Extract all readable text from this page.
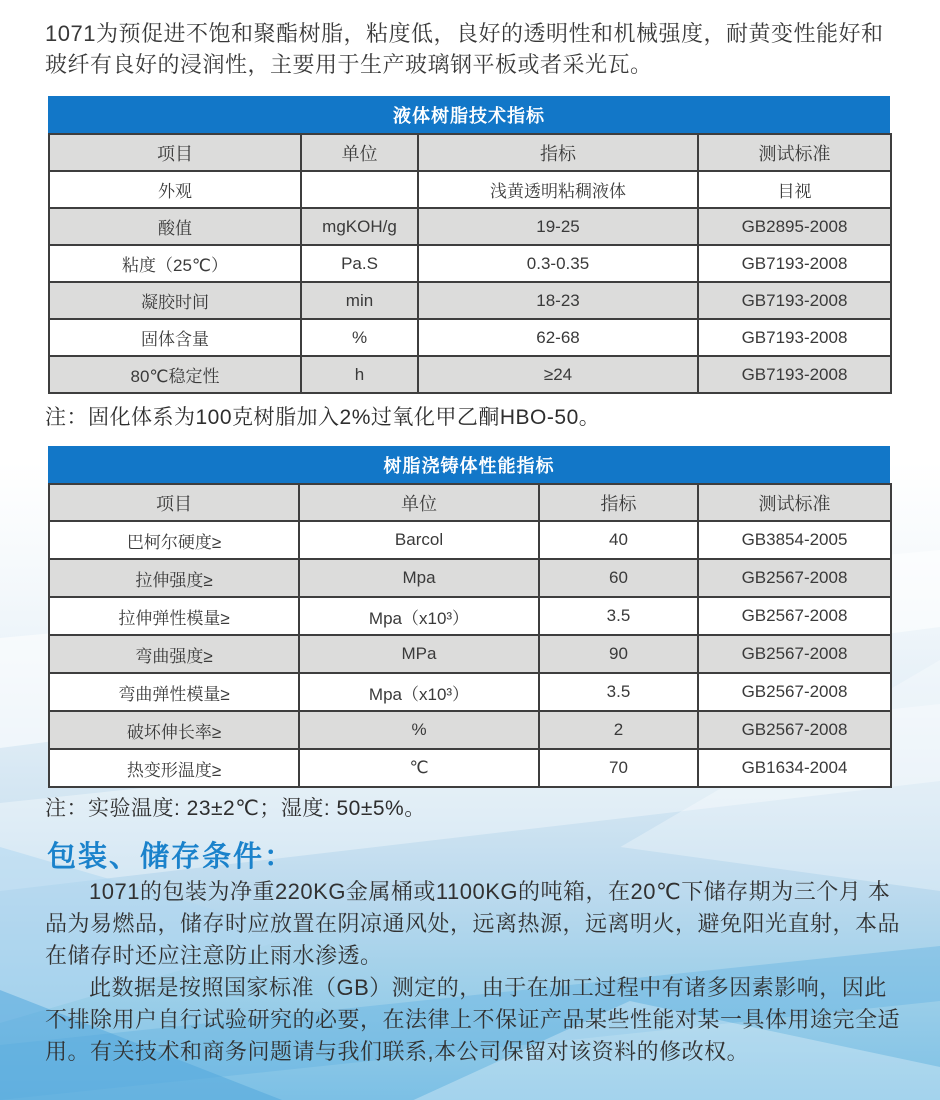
1071为预促进不饱和聚酯树脂，粘度低，良好的透明性和机械强度，耐黄变性能好和玻纤有良好的浸润性，主要用于生产玻璃钢平板或者采光瓦。
液体树脂技术指标
项目	单位	指标	测试标准
外观		浅黄透明粘稠液体	目视
酸值	mgKOH/g	19-25	GB2895-2008
粘度（25℃）	Pa.S	0.3-0.35	GB7193-2008
凝胶时间	min	18-23	GB7193-2008
固体含量	%	62-68	GB7193-2008
80℃稳定性	h	≥24	GB7193-2008
注：固化体系为100克树脂加入2%过氧化甲乙酮HBO-50。
树脂浇铸体性能指标
项目	单位	指标	测试标准
巴柯尔硬度≥	Barcol	40	GB3854-2005
拉伸强度≥	Mpa	60	GB2567-2008
拉伸弹性模量≥	Mpa（x10³）	3.5	GB2567-2008
弯曲强度≥	MPa	90	GB2567-2008
弯曲弹性模量≥	Mpa（x10³）	3.5	GB2567-2008
破坏伸长率≥	%	2	GB2567-2008
热变形温度≥	℃	70	GB1634-2004
注：实验温度: 23±2℃；湿度: 50±5%。
包装、储存条件：
1071的包装为净重220KG金属桶或1100KG的吨箱，在20℃下储存期为三个月 本品为易燃品，储存时应放置在阴凉通风处，远离热源，远离明火，避免阳光直射，本品在储存时还应注意防止雨水渗透。
此数据是按照国家标准（GB）测定的，由于在加工过程中有诸多因素影响，因此不排除用户自行试验研究的必要，在法律上不保证产品某些性能对某一具体用途完全适用。有关技术和商务问题请与我们联系,本公司保留对该资料的修改权。
